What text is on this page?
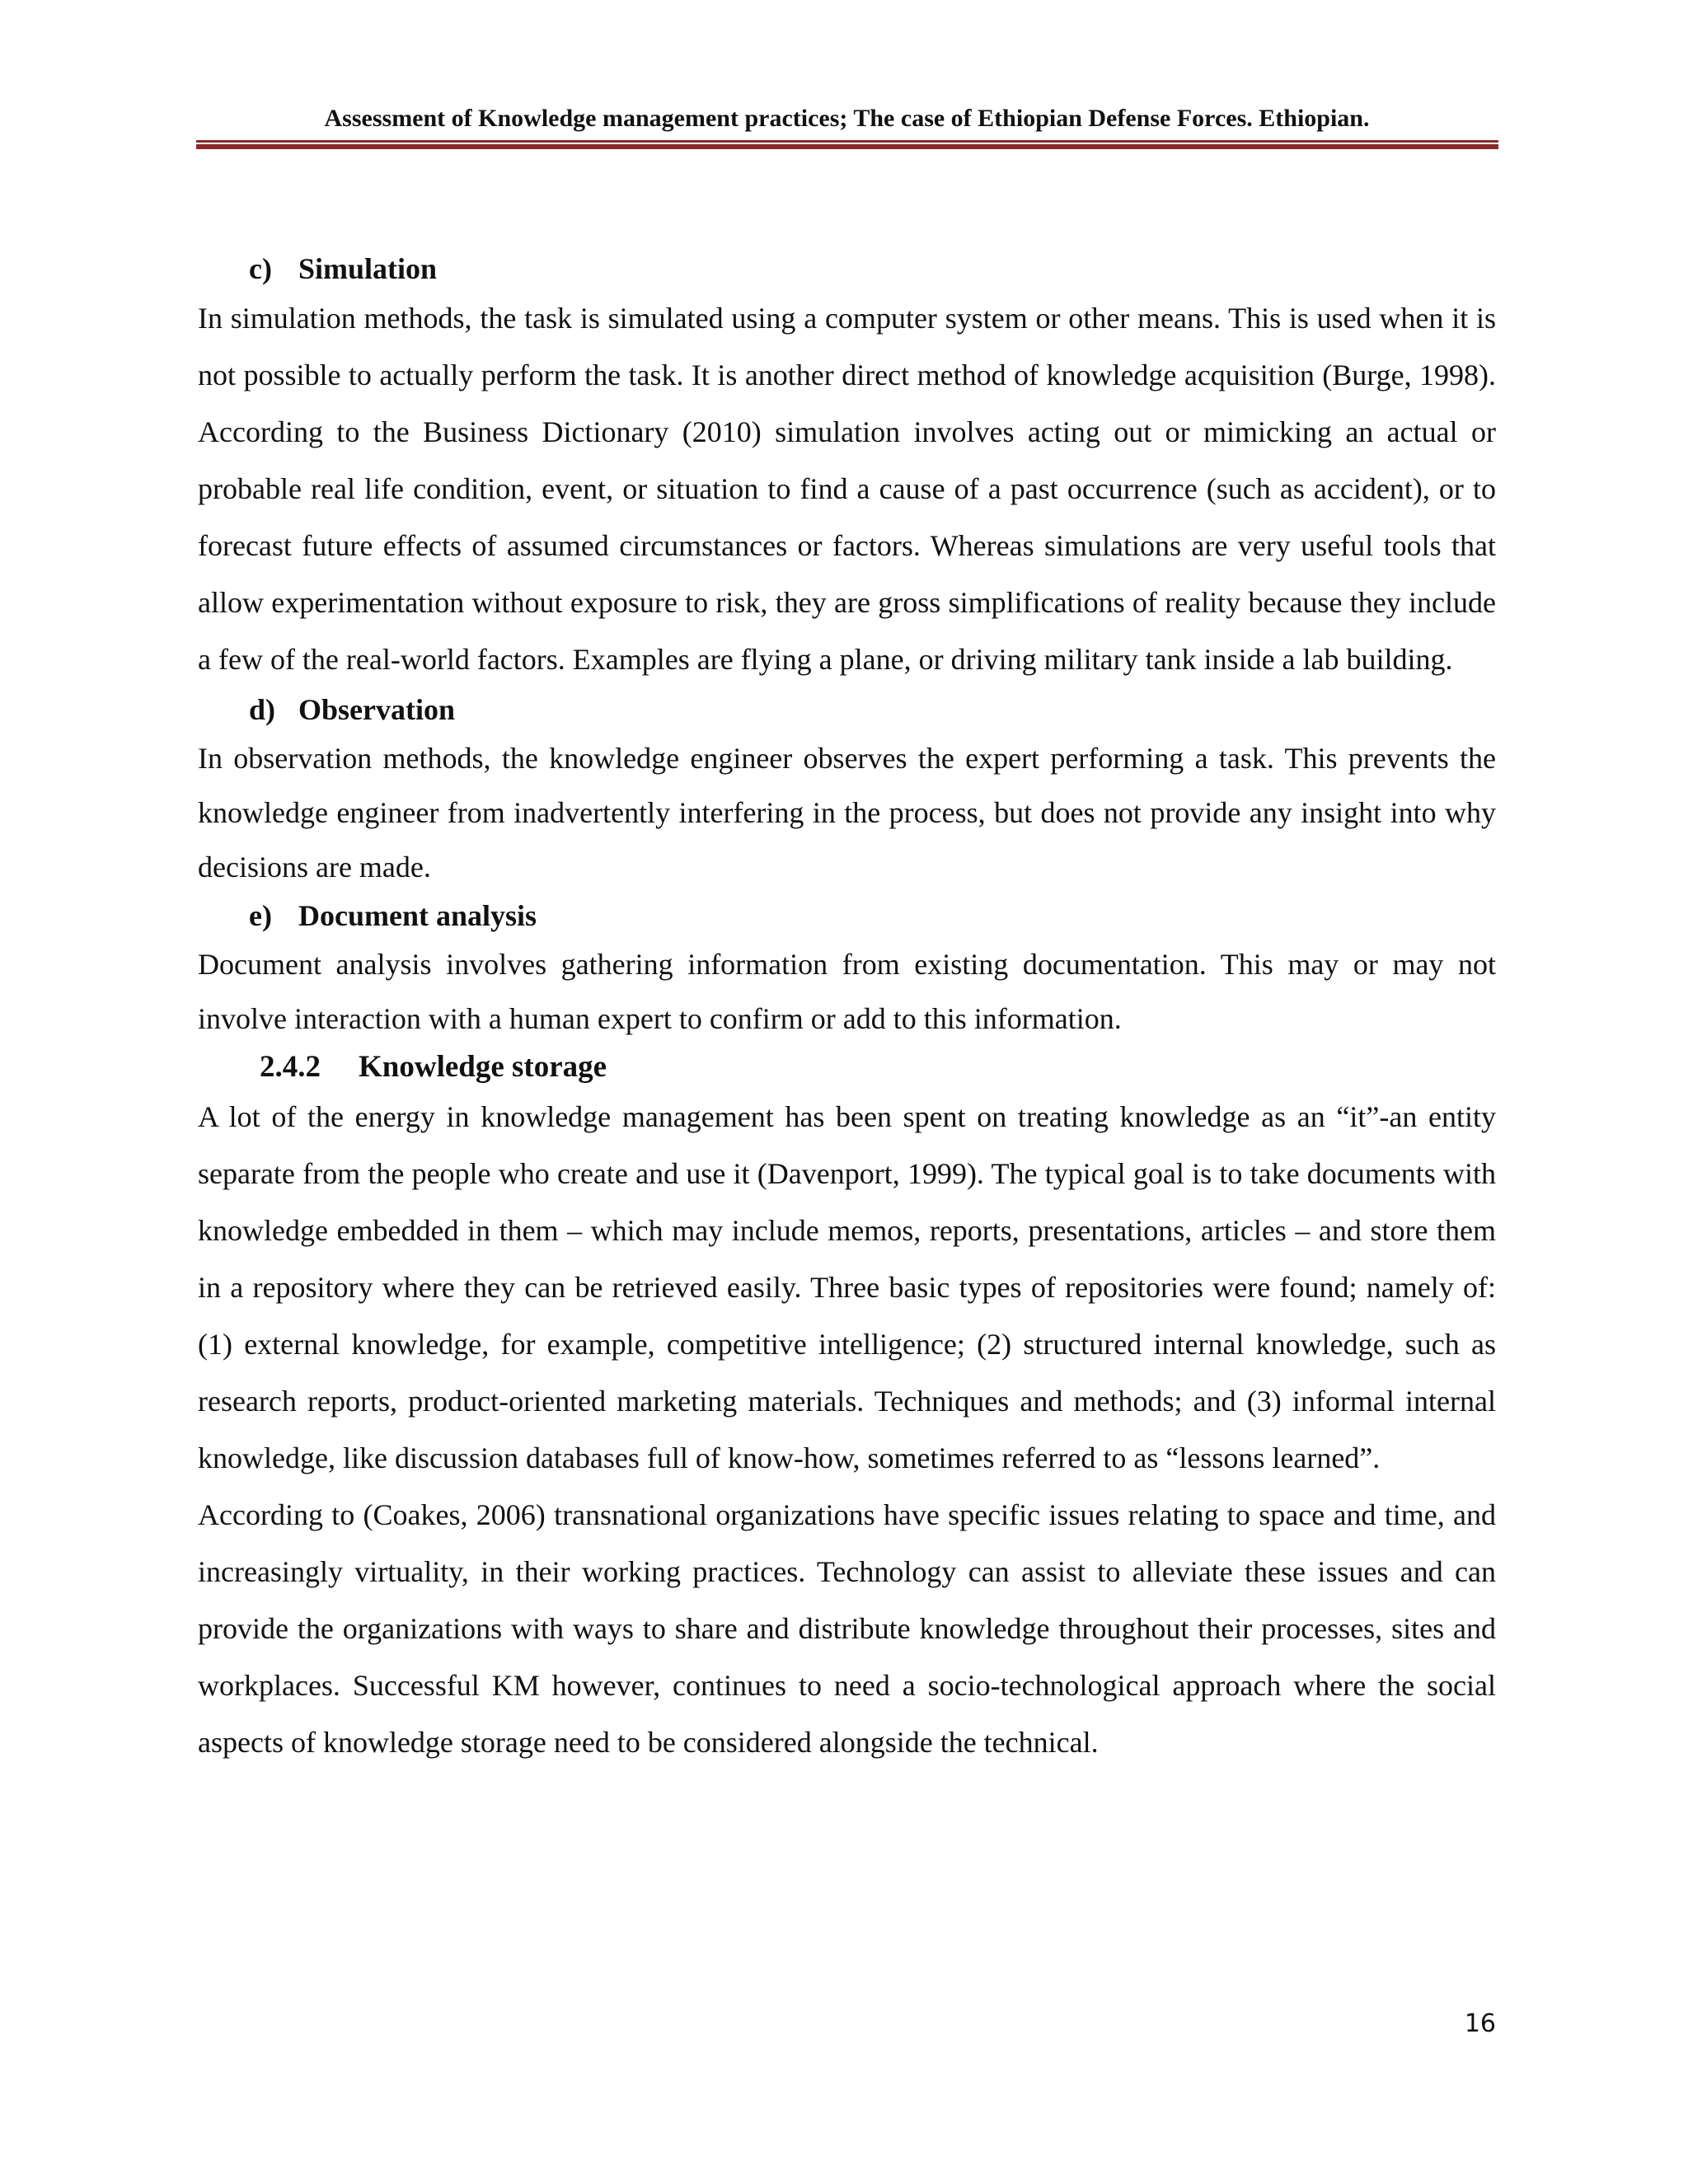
Assessment of Knowledge management practices; The case of Ethiopian Defense Forces. Ethiopian.
c) Simulation

In simulation methods, the task is simulated using a computer system or other means. This is used when it is not possible to actually perform the task. It is another direct method of knowledge acquisition (Burge, 1998). According to the Business Dictionary (2010) simulation involves acting out or mimicking an actual or probable real life condition, event, or situation to find a cause of a past occurrence (such as accident), or to forecast future effects of assumed circumstances or factors. Whereas simulations are very useful tools that allow experimentation without exposure to risk, they are gross simplifications of reality because they include a few of the real-world factors. Examples are flying a plane, or driving military tank inside a lab building.

d) Observation

In observation methods, the knowledge engineer observes the expert performing a task. This prevents the knowledge engineer from inadvertently interfering in the process, but does not provide any insight into why decisions are made.

e) Document analysis

Document analysis involves gathering information from existing documentation. This may or may not involve interaction with a human expert to confirm or add to this information.

2.4.2 Knowledge storage

A lot of the energy in knowledge management has been spent on treating knowledge as an “it”-an entity separate from the people who create and use it (Davenport, 1999). The typical goal is to take documents with knowledge embedded in them – which may include memos, reports, presentations, articles – and store them in a repository where they can be retrieved easily. Three basic types of repositories were found; namely of: (1) external knowledge, for example, competitive intelligence; (2) structured internal knowledge, such as research reports, product-oriented marketing materials. Techniques and methods; and (3) informal internal knowledge, like discussion databases full of know-how, sometimes referred to as “lessons learned”.

According to (Coakes, 2006) transnational organizations have specific issues relating to space and time, and increasingly virtuality, in their working practices. Technology can assist to alleviate these issues and can provide the organizations with ways to share and distribute knowledge throughout their processes, sites and workplaces. Successful KM however, continues to need a socio-technological approach where the social aspects of knowledge storage need to be considered alongside the technical.

16
